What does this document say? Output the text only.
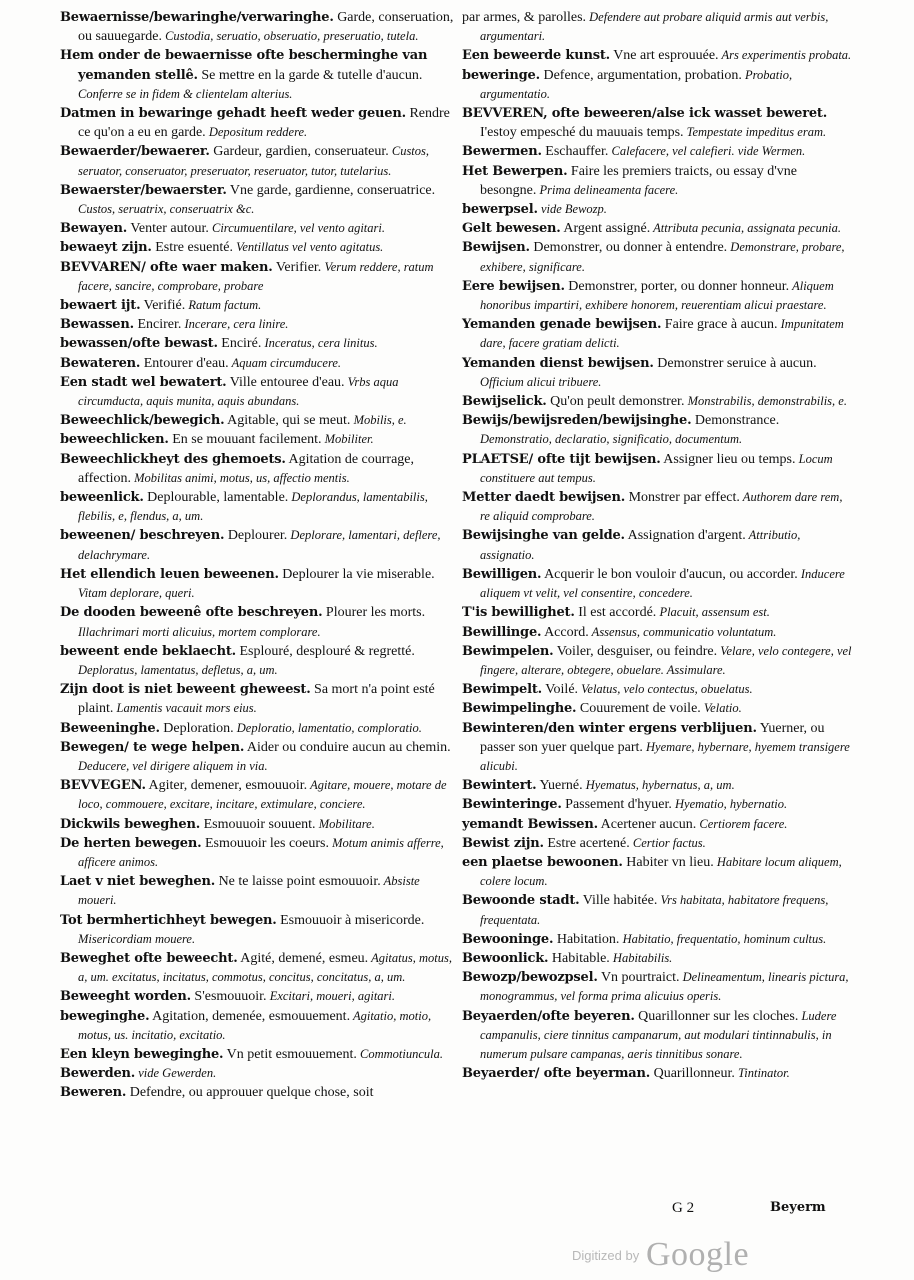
Bewaernisse/bewaringhe/verwaringhe. Garde, conseruation, ou sauuegarde. Custodia, seruatio, obseruatio, preseruatio, tutela.

Hem onder de bewaernisse ofte bescherminghe van yemanden stellê. Se mettre en la garde & tutelle d'aucun. Conferre se in fidem & clientelam alterius.

Datmen in bewaringe gehadt heeft weder geuen. Rendre ce qu'on a eu en garde. Depositum reddere.

Bewaerder/bewaerer. Gardeur, gardien, conseruateur. Custos, seruator, conseruator, preseruator, reseruator, tutor, tutelarius.

Bewaerster/bewaerster. Vne garde, gardienne, conseruatrice. Custos, seruatrix, conseruatrix &c.

Bewayen. Venter autour. Circumuentilare, vel vento agitari.

bewaeyt zijn. Estre esuenté. Ventillatus vel vento agitatus.

BEVVAREN/ ofte waer maken. Verifier. Verum reddere, ratum facere, sancire, comprobare, probare

bewaert ijt. Verifié. Ratum factum.

Bewassen. Encirer. Incerare, cera linire.

bewassen/ofte bewast. Enciré. Inceratus, cera linitus.

Bewateren. Entourer d'eau. Aquam circumducere.

Een stadt wel bewatert. Ville entouree d'eau. Vrbs aqua circumducta, aquis munita, aquis abundans.

Beweechlick/bewegich. Agitable, qui se meut. Mobilis, e.

beweechlicken. En se mouuant facilement. Mobiliter.

Beweechlickheyt des ghemoets. Agitation de courrage, affection. Mobilitas animi, motus, us, affectio mentis.

beweenlick. Deplourable, lamentable. Deplorandus, lamentabilis, flebilis, e, flendus, a, um.

beweenen/ beschreyen. Deplourer. Deplorare, lamentari, deflere, delachrymare.

Het ellendich leuen beweenen. Deplourer la vie miserable. Vitam deplorare, queri.

De dooden beweenê ofte beschreyen. Plourer les morts. Illachrimari morti alicuius, mortem complorare.

beweent ende beklaecht. Esplouré, desplouré & regretté. Deploratus, lamentatus, defletus, a, um.

Zijn doot is niet beweent gheweest. Sa mort n'a point esté plaint. Lamentis vacauit mors eius.

Beweeninghe. Deploration. Deploratio, lamentatio, comploratio.

Bewegen/ te wege helpen. Aider ou conduire aucun au chemin. Deducere, vel dirigere aliquem in via.

BEVVEGEN. Agiter, demener, esmouuoir. Agitare, mouere, motare de loco, commouere, excitare, incitare, extimulare, conciere.

Dickwils beweghen. Esmouuoir souuent. Mobilitare.

De herten bewegen. Esmouuoir les coeurs. Motum animis afferre, afficere animos.

Laet v niet beweghen. Ne te laisse point esmouuoir. Absiste moueri.

Tot bermhertichheyt bewegen. Esmouuoir à misericorde. Misericordiam mouere.

Beweghet ofte beweecht. Agité, demené, esmeu. Agitatus, motus, a, um. excitatus, incitatus, commotus, concitus, concitatus, a, um.

Beweeght worden. S'esmouuoir. Excitari, moueri, agitari.

beweginghe. Agitation, demenée, esmouuement. Agitatio, motio, motus, us. incitatio, excitatio.

Een kleyn beweginghe. Vn petit esmouuement. Commotiuncula.

Bewerden. vide Gewerden.

Beweren. Defendre, ou approuuer quelque chose, soit

par armes, & parolles. Defendere aut probare aliquid armis aut verbis, argumentari.

Een beweerde kunst. Vne art esprouuée. Ars experimentis probata.

beweringe. Defence, argumentation, probation. Probatio, argumentatio.

BEVVEREN, ofte beweeren/alse ick wasset beweret. I'estoy empesché du mauuais temps. Tempestate impeditus eram.

Bewermen. Eschauffer. Calefacere, vel calefieri. vide Wermen.

Het Bewerpen. Faire les premiers traicts, ou essay d'vne besongne. Prima delineamenta facere.

bewerpsel. vide Bewozp.

Gelt bewesen. Argent assigné. Attributa pecunia, assignata pecunia.

Bewijsen. Demonstrer, ou donner à entendre. Demonstrare, probare, exhibere, significare.

Eere bewijsen. Demonstrer, porter, ou donner honneur. Aliquem honoribus impartiri, exhibere honorem, reuerentiam alicui praestare.

Yemanden genade bewijsen. Faire grace à aucun. Impunitatem dare, facere gratiam delicti.

Yemanden dienst bewijsen. Demonstrer seruice à aucun. Officium alicui tribuere.

Bewijselick. Qu'on peult demonstrer. Monstrabilis, demonstrabilis, e.

Bewijs/bewijsreden/bewijsinghe. Demonstrance. Demonstratio, declaratio, significatio, documentum.

PLAETSE/ ofte tijt bewijsen. Assigner lieu ou temps. Locum constituere aut tempus.

Metter daedt bewijsen. Monstrer par effect. Authorem dare rem, re aliquid comprobare.

Bewijsinghe van gelde. Assignation d'argent. Attributio, assignatio.

Bewilligen. Acquerir le bon vouloir d'aucun, ou accorder. Inducere aliquem vt velit, vel consentire, concedere.

T'is bewillighet. Il est accordé. Placuit, assensum est.

Bewillinge. Accord. Assensus, communicatio voluntatum.

Bewimpelen. Voiler, desguiser, ou feindre. Velare, velo contegere, vel fingere, alterare, obtegere, obuelare. Assimulare.

Bewimpelt. Voilé. Velatus, velo contectus, obuelatus.

Bewimpelinghe. Couurement de voile. Velatio.

Bewinteren/den winter ergens verblijuen. Yuerner, ou passer son yuer quelque part. Hyemare, hybernare, hyemem transigere alicubi.

Bewintert. Yuerné. Hyematus, hybernatus, a, um.

Bewinteringe. Passement d'hyuer. Hyematio, hybernatio.

yemandt Bewissen. Acertener aucun. Certiorem facere.

Bewist zijn. Estre acertené. Certior factus.

een plaetse bewoonen. Habiter vn lieu. Habitare locum aliquem, colere locum.

Bewoonde stadt. Ville habitée. Vrs habitata, habitatore frequens, frequentata.

Bewooninge. Habitation. Habitatio, frequentatio, hominum cultus.

Bewoonlick. Habitable. Habitabilis.

Bewozp/bewozpsel. Vn pourtraict. Delineamentum, linearis pictura, monogrammus, vel forma prima alicuius operis.

Beyaerden/ofte beyeren. Quarillonner sur les cloches. Ludere campanulis, ciere tinnitus campanarum, aut modulari tintinnabulis, in numerum pulsare campanas, aeris tinnitibus sonare.

Beyaerder/ ofte beyerman. Quarillonneur. Tintinator.

G 2	Beyerm
Digitized by Google
